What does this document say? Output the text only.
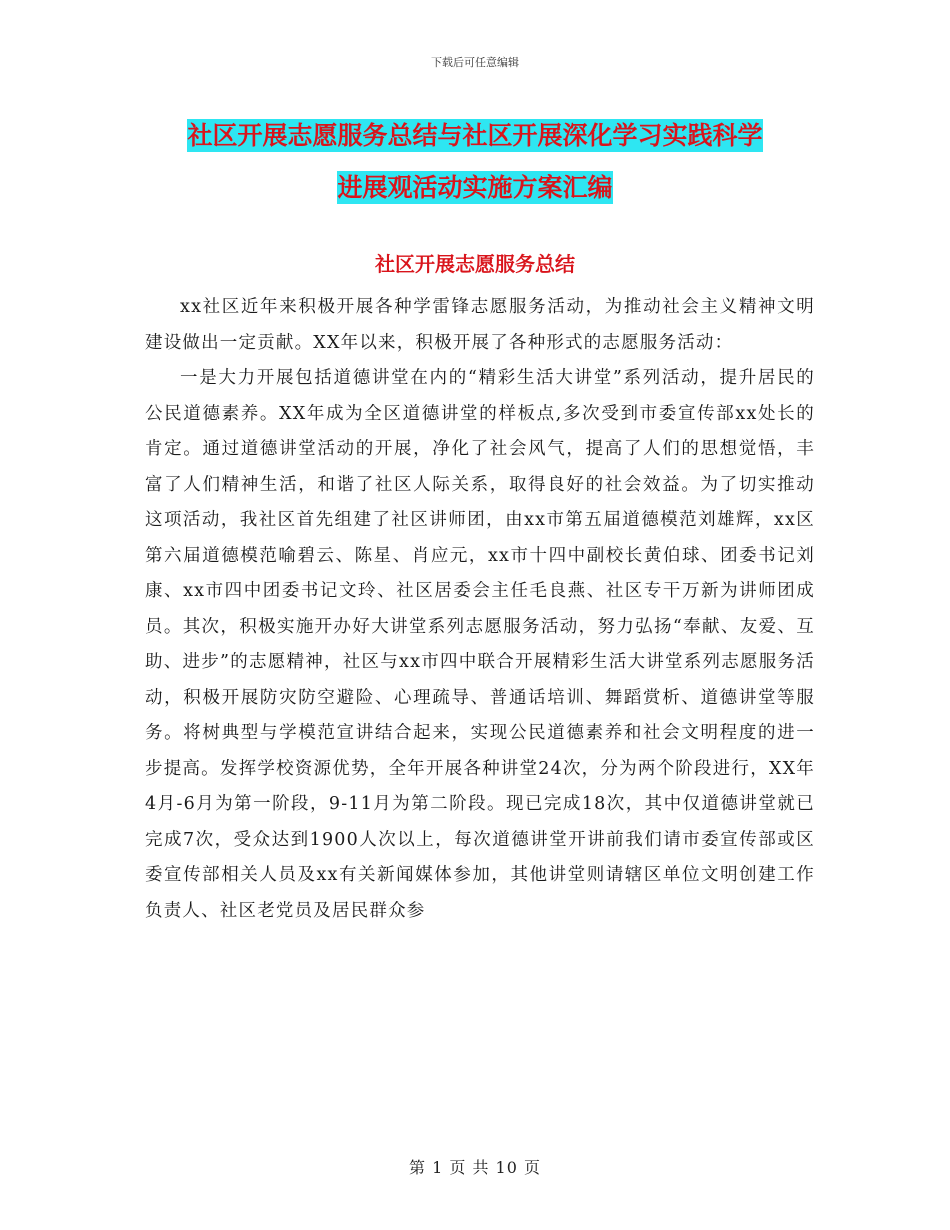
下载后可任意编辑
社区开展志愿服务总结与社区开展深化学习实践科学
进展观活动实施方案汇编
社区开展志愿服务总结

xx社区近年来积极开展各种学雷锋志愿服务活动，为推动社会主义精神文明建设做出一定贡献。XX年以来，积极开展了各种形式的志愿服务活动：

一是大力开展包括道德讲堂在内的“精彩生活大讲堂”系列活动，提升居民的公民道德素养。XX年成为全区道德讲堂的样板点,多次受到市委宣传部xx处长的肯定。通过道德讲堂活动的开展，净化了社会风气，提高了人们的思想觉悟，丰富了人们精神生活，和谐了社区人际关系，取得良好的社会效益。为了切实推动这项活动，我社区首先组建了社区讲师团，由xx市第五届道德模范刘雄辉，xx区第六届道德模范喻碧云、陈星、肖应元，xx市十四中副校长黄伯球、团委书记刘康、xx市四中团委书记文玲、社区居委会主任毛良燕、社区专干万新为讲师团成员。其次，积极实施开办好大讲堂系列志愿服务活动，努力弘扬“奉献、友爱、互助、进步”的志愿精神，社区与xx市四中联合开展精彩生活大讲堂系列志愿服务活动，积极开展防灾防空避险、心理疏导、普通话培训、舞蹈赏析、道德讲堂等服务。将树典型与学模范宣讲结合起来，实现公民道德素养和社会文明程度的进一步提高。发挥学校资源优势，全年开展各种讲堂24次，分为两个阶段进行，XX年4月-6月为第一阶段，9-11月为第二阶段。现已完成18次，其中仅道德讲堂就已完成7次，受众达到1900人次以上，每次道德讲堂开讲前我们请市委宣传部或区委宣传部相关人员及xx有关新闻媒体参加，其他讲堂则请辖区单位文明创建工作负责人、社区老党员及居民群众参

第 1 页 共 10 页
